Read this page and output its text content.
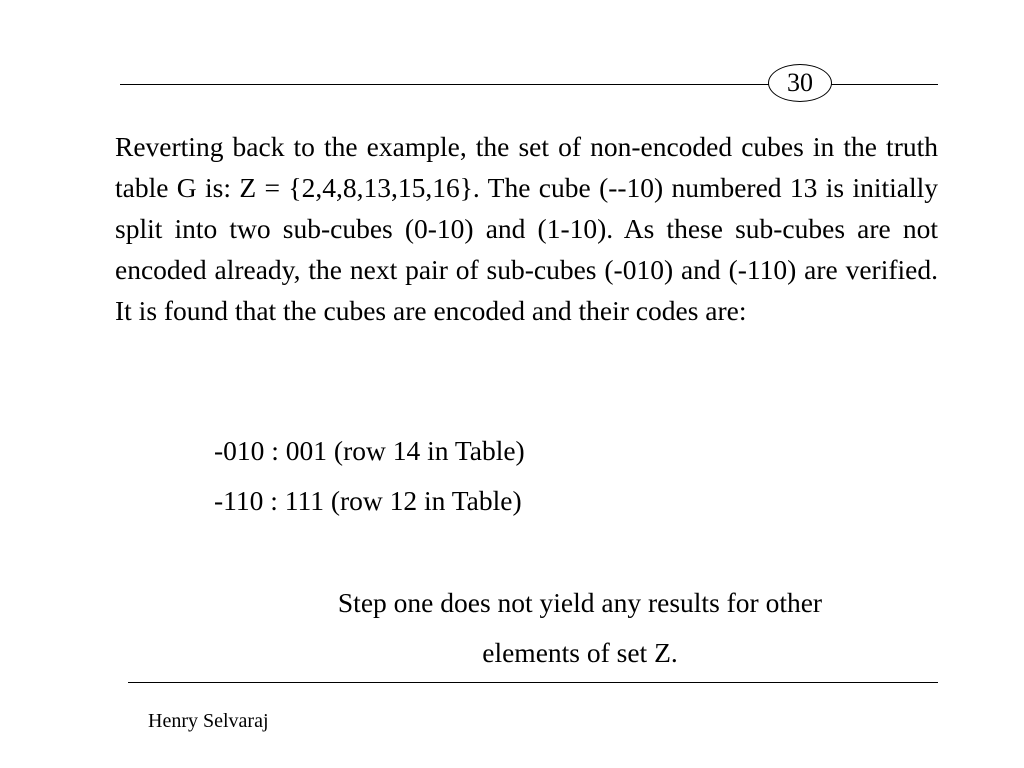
30

Reverting back to the example, the set of non-encoded cubes in the truth table G is: Z = {2,4,8,13,15,16}. The cube (--10) numbered 13 is initially split into two sub-cubes (0-10) and (1-10). As these sub-cubes are not encoded already, the next pair of sub-cubes (-010) and (-110) are verified. It is found that the cubes are encoded and their codes are:

-010 : 001 (row 14 in Table)

-110 : 111 (row 12 in Table)

Step one does not yield any results for other
elements of set Z.

Henry Selvaraj
